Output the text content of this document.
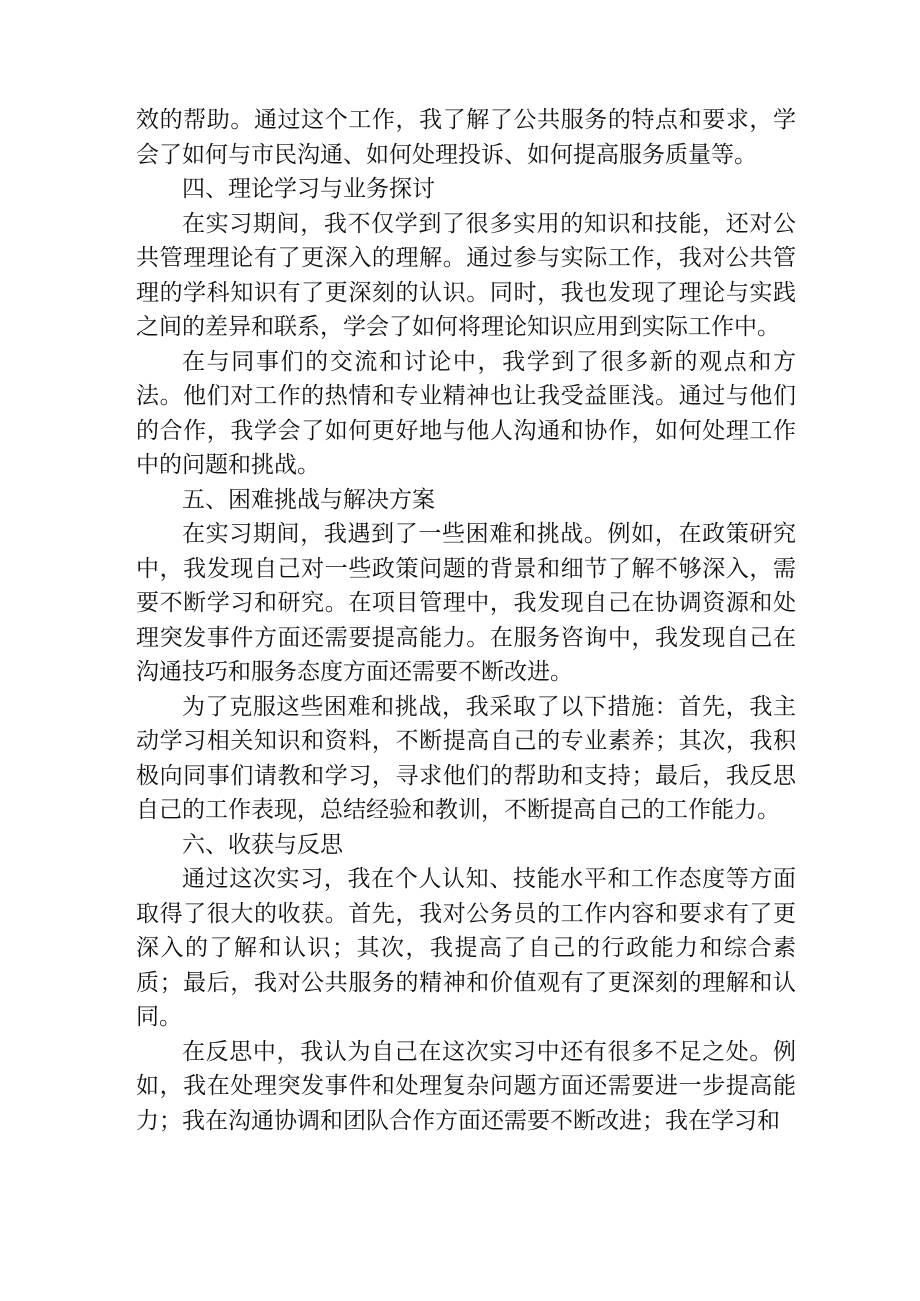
效的帮助。通过这个工作，我了解了公共服务的特点和要求，学会了如何与市民沟通、如何处理投诉、如何提高服务质量等。

四、理论学习与业务探讨

在实习期间，我不仅学到了很多实用的知识和技能，还对公共管理理论有了更深入的理解。通过参与实际工作，我对公共管理的学科知识有了更深刻的认识。同时，我也发现了理论与实践之间的差异和联系，学会了如何将理论知识应用到实际工作中。

在与同事们的交流和讨论中，我学到了很多新的观点和方法。他们对工作的热情和专业精神也让我受益匪浅。通过与他们的合作，我学会了如何更好地与他人沟通和协作，如何处理工作中的问题和挑战。

五、困难挑战与解决方案

在实习期间，我遇到了一些困难和挑战。例如，在政策研究中，我发现自己对一些政策问题的背景和细节了解不够深入，需要不断学习和研究。在项目管理中，我发现自己在协调资源和处理突发事件方面还需要提高能力。在服务咨询中，我发现自己在沟通技巧和服务态度方面还需要不断改进。

为了克服这些困难和挑战，我采取了以下措施：首先，我主动学习相关知识和资料，不断提高自己的专业素养；其次，我积极向同事们请教和学习，寻求他们的帮助和支持；最后，我反思自己的工作表现，总结经验和教训，不断提高自己的工作能力。

六、收获与反思

通过这次实习，我在个人认知、技能水平和工作态度等方面取得了很大的收获。首先，我对公务员的工作内容和要求有了更深入的了解和认识；其次，我提高了自己的行政能力和综合素质；最后，我对公共服务的精神和价值观有了更深刻的理解和认同。

在反思中，我认为自己在这次实习中还有很多不足之处。例如，我在处理突发事件和处理复杂问题方面还需要进一步提高能力；我在沟通协调和团队合作方面还需要不断改进；我在学习和
